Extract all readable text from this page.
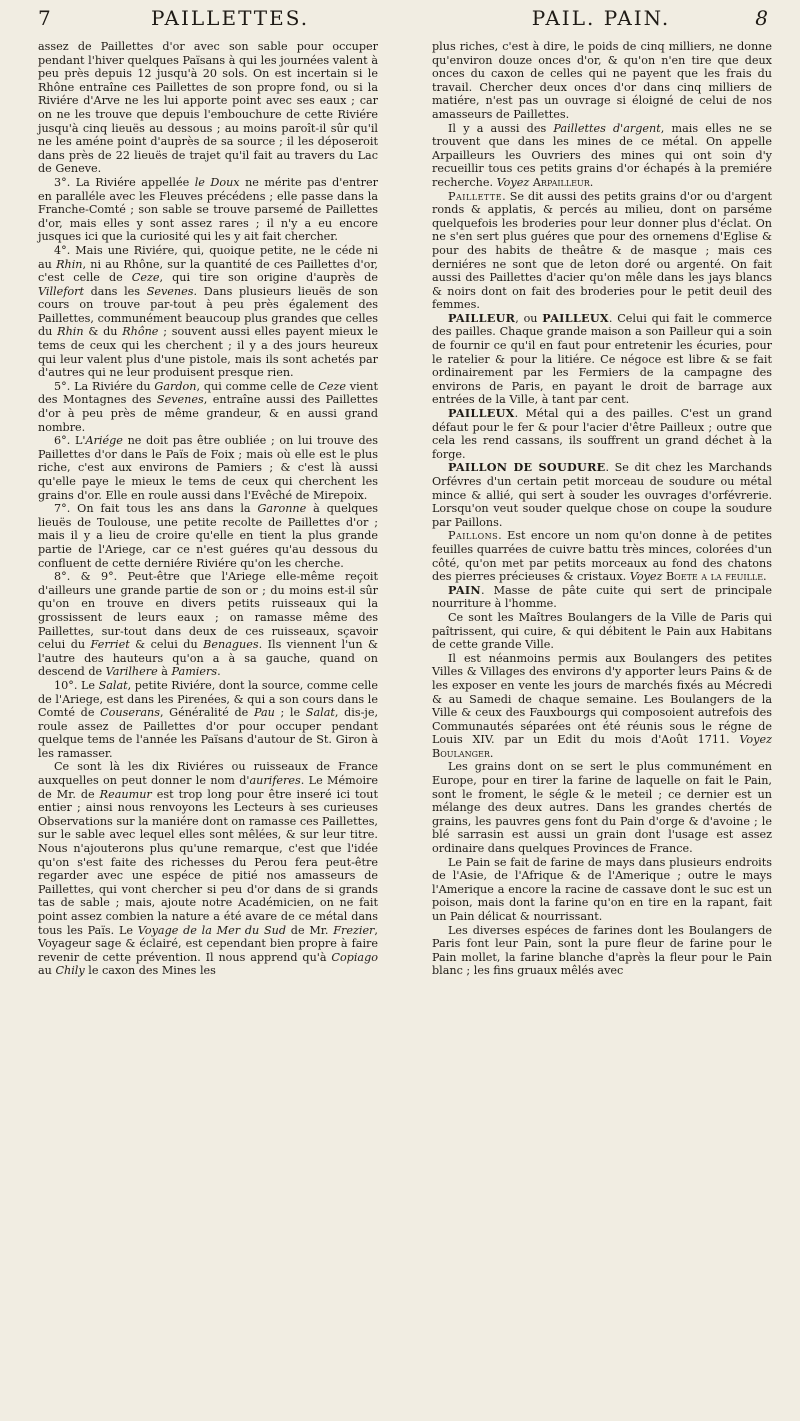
7	PAILLETTES.	PAIL. PAIN.	8

assez de Paillettes d'or avec son sable pour occuper pendant l'hiver quelques Païsans à qui les journées valent à peu près depuis 12 jusqu'à 20 sols. On est incertain si le Rhône entraîne ces Paillettes de son propre fond, ou si la Riviére d'Arve ne les lui apporte point avec ses eaux ; car on ne les trouve que depuis l'embouchure de cette Riviére jusqu'à cinq lieuës au dessous ; au moins paroît-il sûr qu'il ne les améne point d'auprès de sa source ; il les déposeroit dans près de 22 lieuës de trajet qu'il fait au travers du Lac de Geneve.

3°. La Riviére appellée le Doux ne mérite pas d'entrer en paralléle avec les Fleuves précédens ; elle passe dans la Franche-Comté ; son sable se trouve parsemé de Paillettes d'or, mais elles y sont assez rares ; il n'y a eu encore jusques ici que la curiosité qui les y ait fait chercher.

4°. Mais une Riviére, qui, quoique petite, ne le céde ni au Rhin, ni au Rhône, sur la quantité de ces Paillettes d'or, c'est celle de Ceze, qui tire son origine d'auprès de Villefort dans les Sevenes. Dans plusieurs lieuës de son cours on trouve par-tout à peu près également des Paillettes, communément beaucoup plus grandes que celles du Rhin & du Rhône ; souvent aussi elles payent mieux le tems de ceux qui les cherchent ; il y a des jours heureux qui leur valent plus d'une pistole, mais ils sont achetés par d'autres qui ne leur produisent presque rien.

5°. La Riviére du Gardon, qui comme celle de Ceze vient des Montagnes des Sevenes, entraîne aussi des Paillettes d'or à peu près de même grandeur, & en aussi grand nombre.

6°. L'Ariége ne doit pas être oubliée ; on lui trouve des Paillettes d'or dans le Païs de Foix ; mais où elle est le plus riche, c'est aux environs de Pamiers ; & c'est là aussi qu'elle paye le mieux le tems de ceux qui cherchent les grains d'or. Elle en roule aussi dans l'Evêché de Mirepoix.

7°. On fait tous les ans dans la Garonne à quelques lieuës de Toulouse, une petite recolte de Paillettes d'or ; mais il y a lieu de croire qu'elle en tient la plus grande partie de l'Ariege, car ce n'est guéres qu'au dessous du confluent de cette derniére Riviére qu'on les cherche.

8°. & 9°. Peut-être que l'Ariege elle-même reçoit d'ailleurs une grande partie de son or ; du moins est-il sûr qu'on en trouve en divers petits ruisseaux qui la grossissent de leurs eaux ; on ramasse même des Paillettes, sur-tout dans deux de ces ruisseaux, sçavoir celui du Ferriet & celui du Benagues. Ils viennent l'un & l'autre des hauteurs qu'on a à sa gauche, quand on descend de Varilhere à Pamiers.

10°. Le Salat, petite Riviére, dont la source, comme celle de l'Ariege, est dans les Pirenées, & qui a son cours dans le Comté de Couserans, Généralité de Pau ; le Salat, dis-je, roule assez de Paillettes d'or pour occuper pendant quelque tems de l'année les Païsans d'autour de St. Giron à les ramasser.

Ce sont là les dix Riviéres ou ruisseaux de France auxquelles on peut donner le nom d'auriferes. Le Mémoire de Mr. de Reaumur est trop long pour être inseré ici tout entier ; ainsi nous renvoyons les Lecteurs à ses curieuses Observations sur la maniére dont on ramasse ces Paillettes, sur le sable avec lequel elles sont mêlées, & sur leur titre. Nous n'ajouterons plus qu'une remarque, c'est que l'idée qu'on s'est faite des richesses du Perou fera peut-être regarder avec une espéce de pitié nos amasseurs de Paillettes, qui vont chercher si peu d'or dans de si grands tas de sable ; mais, ajoute notre Académicien, on ne fait point assez combien la nature a été avare de ce métal dans tous les Païs. Le Voyage de la Mer du Sud de Mr. Frezier, Voyageur sage & éclairé, est cependant bien propre à faire revenir de cette prévention. Il nous apprend qu'à Copiago au Chily le caxon des Mines les

plus riches, c'est à dire, le poids de cinq milliers, ne donne qu'environ douze onces d'or, & qu'on n'en tire que deux onces du caxon de celles qui ne payent que les frais du travail. Chercher deux onces d'or dans cinq milliers de matiére, n'est pas un ouvrage si éloigné de celui de nos amasseurs de Paillettes.

Il y a aussi des Paillettes d'argent, mais elles ne se trouvent que dans les mines de ce métal. On appelle Arpailleurs les Ouvriers des mines qui ont soin d'y recueillir tous ces petits grains d'or échapés à la premiére recherche. Voyez Arpailleur.

Paillette. Se dit aussi des petits grains d'or ou d'argent ronds & applatis, & percés au milieu, dont on parséme quelquefois les broderies pour leur donner plus d'éclat. On ne s'en sert plus guéres que pour des ornemens d'Eglise & pour des habits de theâtre & de masque ; mais ces derniéres ne sont que de leton doré ou argenté. On fait aussi des Paillettes d'acier qu'on mêle dans les jays blancs & noirs dont on fait des broderies pour le petit deuil des femmes.

PAILLEUR, ou PAILLEUX. Celui qui fait le commerce des pailles. Chaque grande maison a son Pailleur qui a soin de fournir ce qu'il en faut pour entretenir les écuries, pour le ratelier & pour la litiére. Ce négoce est libre & se fait ordinairement par les Fermiers de la campagne des environs de Paris, en payant le droit de barrage aux entrées de la Ville, à tant par cent.

PAILLEUX. Métal qui a des pailles. C'est un grand défaut pour le fer & pour l'acier d'être Pailleux ; outre que cela les rend cassans, ils souffrent un grand déchet à la forge.

PAILLON DE SOUDURE. Se dit chez les Marchands Orfévres d'un certain petit morceau de soudure ou métal mince & allié, qui sert à souder les ouvrages d'orfévrerie. Lorsqu'on veut souder quelque chose on coupe la soudure par Paillons.

Paillons. Est encore un nom qu'on donne à de petites feuilles quarrées de cuivre battu très minces, colorées d'un côté, qu'on met par petits morceaux au fond des chatons des pierres précieuses & cristaux. Voyez Boete a la feuille.

PAIN. Masse de pâte cuite qui sert de principale nourriture à l'homme.

Ce sont les Maîtres Boulangers de la Ville de Paris qui paîtrissent, qui cuire, & qui débitent le Pain aux Habitans de cette grande Ville.

Il est néanmoins permis aux Boulangers des petites Villes & Villages des environs d'y apporter leurs Pains & de les exposer en vente les jours de marchés fixés au Mécredi & au Samedi de chaque semaine. Les Boulangers de la Ville & ceux des Fauxbourgs qui composoient autrefois des Communautés séparées ont été réunis sous le régne de Louis XIV. par un Edit du mois d'Août 1711. Voyez Boulanger.

Les grains dont on se sert le plus communément en Europe, pour en tirer la farine de laquelle on fait le Pain, sont le froment, le ségle & le meteil ; ce dernier est un mélange des deux autres. Dans les grandes chertés de grains, les pauvres gens font du Pain d'orge & d'avoine ; le blé sarrasin est aussi un grain dont l'usage est assez ordinaire dans quelques Provinces de France.

Le Pain se fait de farine de mays dans plusieurs endroits de l'Asie, de l'Afrique & de l'Amerique ; outre le mays l'Amerique a encore la racine de cassave dont le suc est un poison, mais dont la farine qu'on en tire en la rapant, fait un Pain délicat & nourrissant.

Les diverses espéces de farines dont les Boulangers de Paris font leur Pain, sont la pure fleur de farine pour le Pain mollet, la farine blanche d'après la fleur pour le Pain blanc ; les fins gruaux mêlés avec
